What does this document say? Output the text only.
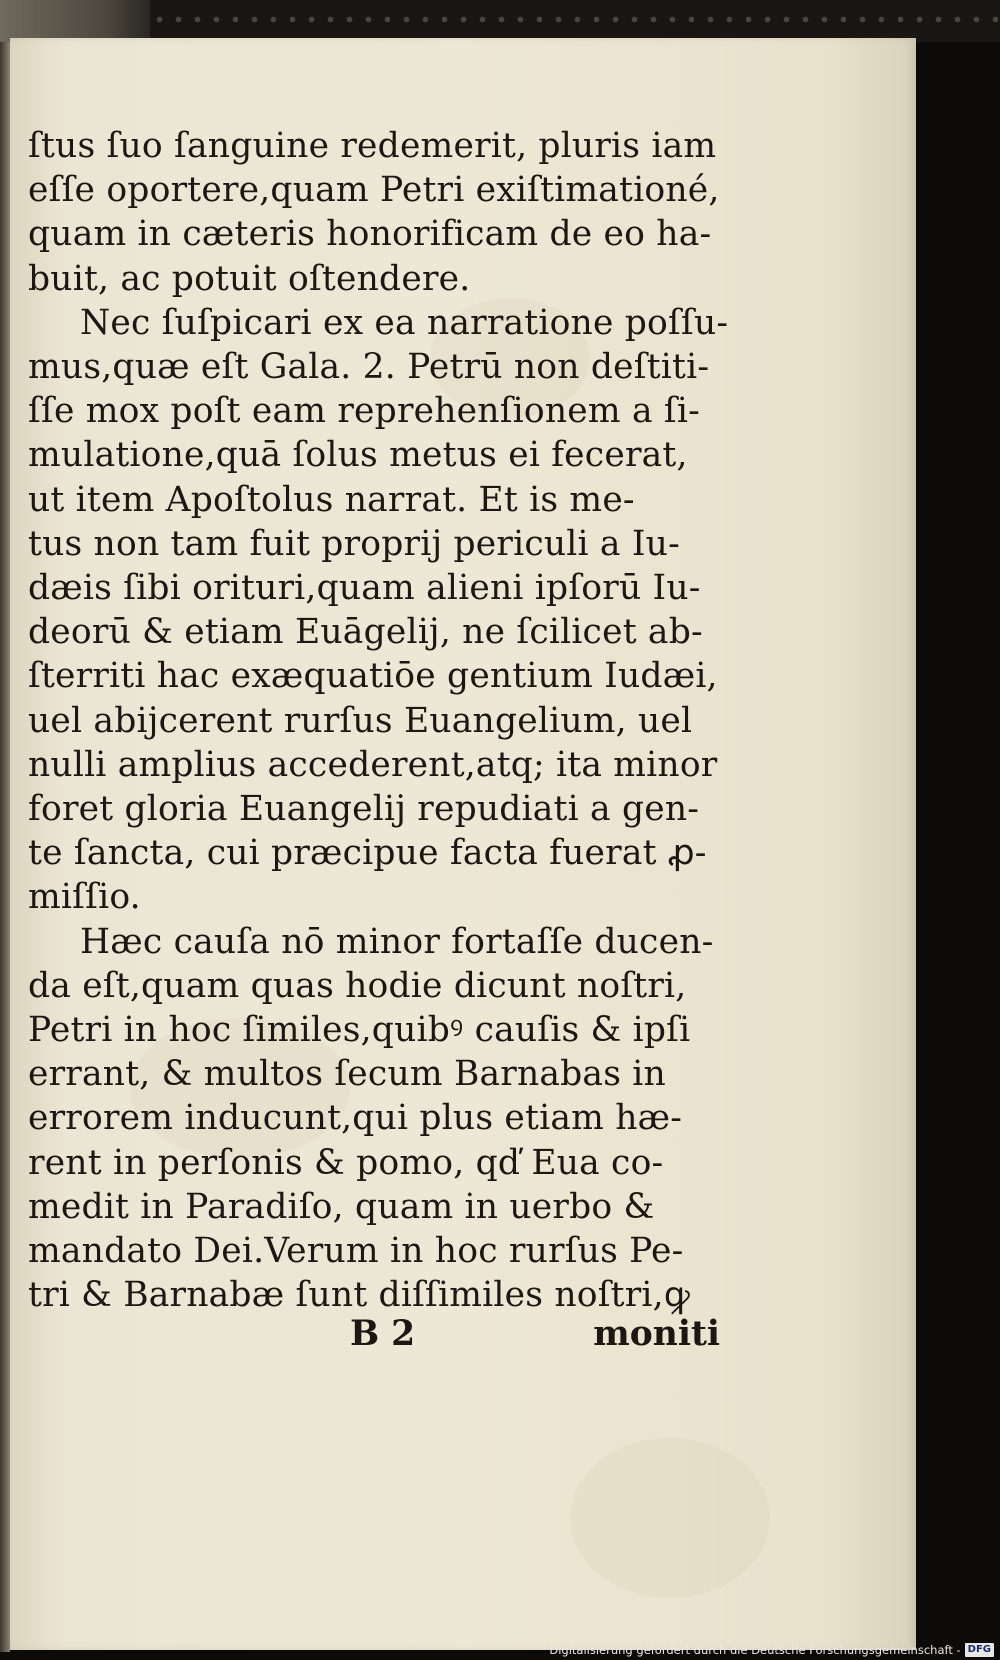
ſtus ſuo ſanguine redemerit, pluris iam
eſſe oportere,quam Petri exiſtimationé,
quam in cæteris honorificam de eo ha-
buit, ac potuit oſtendere.
Nec ſuſpicari ex ea narratione poſſu-
mus,quæ eſt Gala. 2. Petrū non deſtiti-
ſſe mox poſt eam reprehenſionem a ſi-
mulatione,quā ſolus metus ei fecerat,
ut item Apoſtolus narrat. Et is me-
tus non tam fuit proprij periculi a Iu-
dæis ſibi orituri,quam alieni ipſorū Iu-
deorū & etiam Euāgelij, ne ſcilicet ab-
ſterriti hac exæquatiōe gentium Iudæi,
uel abijcerent rurſus Euangelium, uel
nulli amplius accederent,atq; ita minor
foret gloria Euangelij repudiati a gen-
te ſancta, cui præcipue facta fuerat ꝓ-
miſſio.
Hæc cauſa nō minor fortaſſe ducen-
da eſt,quam quas hodie dicunt noſtri,
Petri in hoc ſimiles,quibꝰ cauſis & ipſi
errant, & multos ſecum Barnabas in
errorem inducunt,qui plus etiam hæ-
rent in perſonis & pomo, qď Eua co-
medit in Paradiſo, quam in uerbo &
mandato Dei.Verum in hoc rurſus Pe-
tri & Barnabæ ſunt diſſimiles noſtri,ꝙ
B 2	moniti
Digitalisierung gefördert durch die Deutsche Forschungsgemeinschaft - DFG
